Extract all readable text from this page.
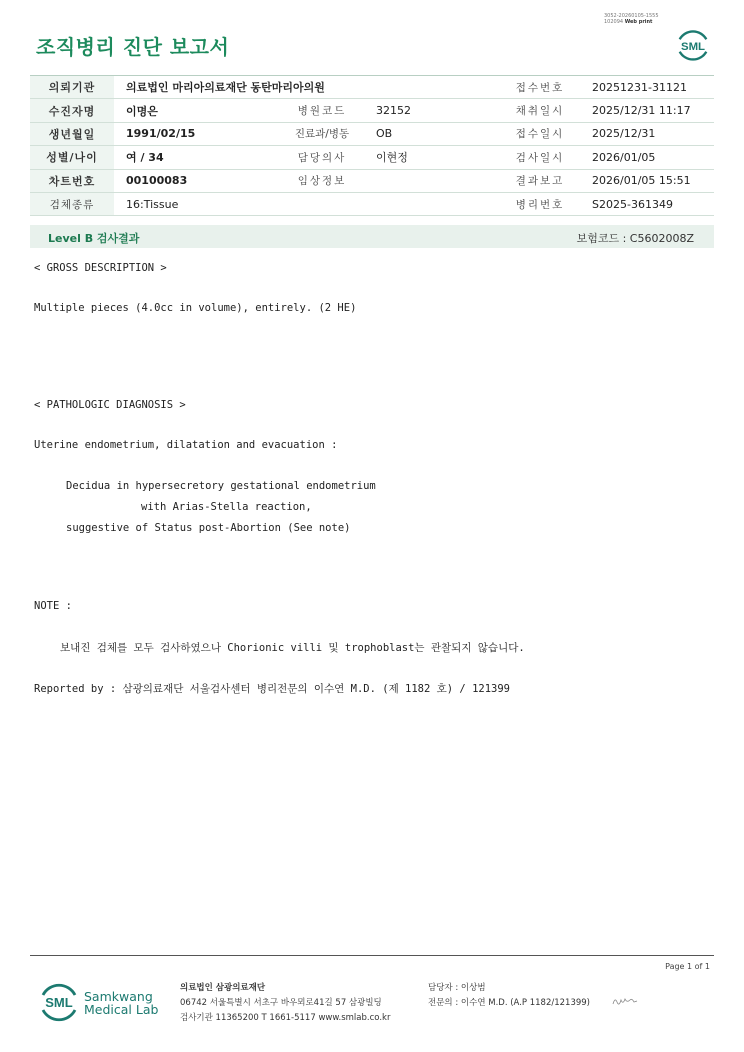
3052-20260105-1555
102094 Web print
조직병리 진단 보고서	SML
의뢰기관	의료법인 마리아의료재단 동탄마리아의원			접수번호	20251231-31121
수진자명	이명은	병원코드	32152	채취일시	2025/12/31 11:17
생년월일	1991/02/15	진료과/병동	OB	접수일시	2025/12/31
성별/나이	여 / 34	담당의사	이현정	검사일시	2026/01/05
차트번호	00100083	임상정보		결과보고	2026/01/05 15:51
검체종류	16:Tissue			병리번호	S2025-361349
Level B 검사결과	보험코드 : C5602008Z
< GROSS DESCRIPTION >
Multiple pieces (4.0cc in volume), entirely. (2 HE)
< PATHOLOGIC DIAGNOSIS >
Uterine endometrium, dilatation and evacuation :
Decidua in hypersecretory gestational endometrium
with Arias-Stella reaction,
suggestive of Status post-Abortion (See note)
NOTE :
보내진 검체를 모두 검사하였으나 Chorionic villi 및 trophoblast는 관찰되지 않습니다.
Reported by : 삼광의료재단 서울검사센터 병리전문의 이수연 M.D. (제 1182 호) / 121399
Page 1 of 1
SML Samkwang
Medical Lab
의료법인 삼광의료재단
06742 서울특별시 서초구 바우뫼로41길 57 삼광빌딩
검사기관 11365200 T 1661-5117 www.smlab.co.kr
담당자 : 이상범
전문의 : 이수연 M.D. (A.P 1182/121399)
